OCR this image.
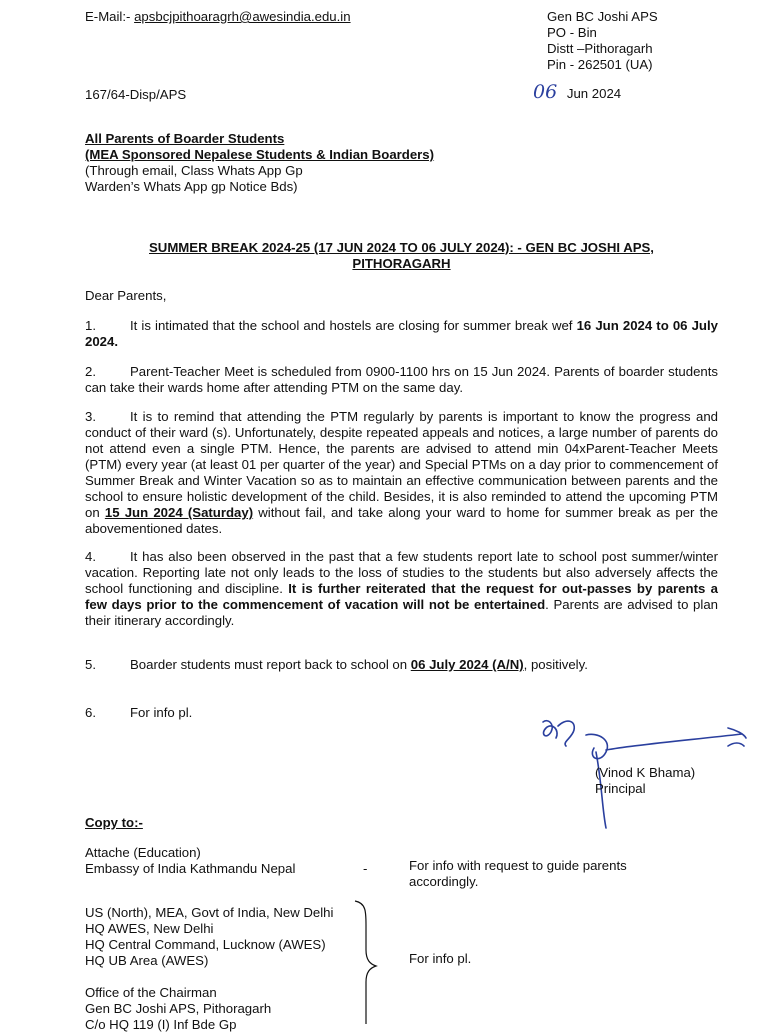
E-Mail:- apsbcjpithoaragrh@awesindia.edu.in	Gen BC Joshi APS
PO - Bin
Distt –Pithoragarh
Pin - 262501 (UA)
167/64-Disp/APS	06 Jun 2024
All Parents of Boarder Students
(MEA Sponsored Nepalese Students & Indian Boarders)
(Through email, Class Whats App Gp
Warden’s Whats App gp Notice Bds)
SUMMER BREAK 2024-25 (17 JUN 2024 TO 06 JULY 2024): - GEN BC JOSHI APS,
PITHORAGARH
Dear Parents,
1.	It is intimated that the school and hostels are closing for summer break wef 16 Jun 2024 to 06 July 2024.
2.	Parent-Teacher Meet is scheduled from 0900-1100 hrs on 15 Jun 2024. Parents of boarder students can take their wards home after attending PTM on the same day.
3.	It is to remind that attending the PTM regularly by parents is important to know the progress and conduct of their ward (s). Unfortunately, despite repeated appeals and notices, a large number of parents do not attend even a single PTM. Hence, the parents are advised to attend min 04xParent-Teacher Meets (PTM) every year (at least 01 per quarter of the year) and Special PTMs on a day prior to commencement of Summer Break and Winter Vacation so as to maintain an effective communication between parents and the school to ensure holistic development of the child. Besides, it is also reminded to attend the upcoming PTM on 15 Jun 2024 (Saturday) without fail, and take along your ward to home for summer break as per the abovementioned dates.
4.	It has also been observed in the past that a few students report late to school post summer/winter vacation. Reporting late not only leads to the loss of studies to the students but also adversely affects the school functioning and discipline. It is further reiterated that the request for out-passes by parents a few days prior to the commencement of vacation will not be entertained. Parents are advised to plan their itinerary accordingly.
5.	Boarder students must report back to school on 06 July 2024 (A/N), positively.
6.	For info pl.
(Vinod K Bhama)
Principal
Copy to:-
Attache (Education)
Embassy of India Kathmandu Nepal	-	For info with request to guide parents
accordingly.
US (North), MEA, Govt of India, New Delhi
HQ AWES, New Delhi
HQ Central Command, Lucknow (AWES)
HQ UB Area (AWES)	For info pl.
Office of the Chairman
Gen BC Joshi APS, Pithoragarh
C/o HQ 119 (I) Inf Bde Gp
